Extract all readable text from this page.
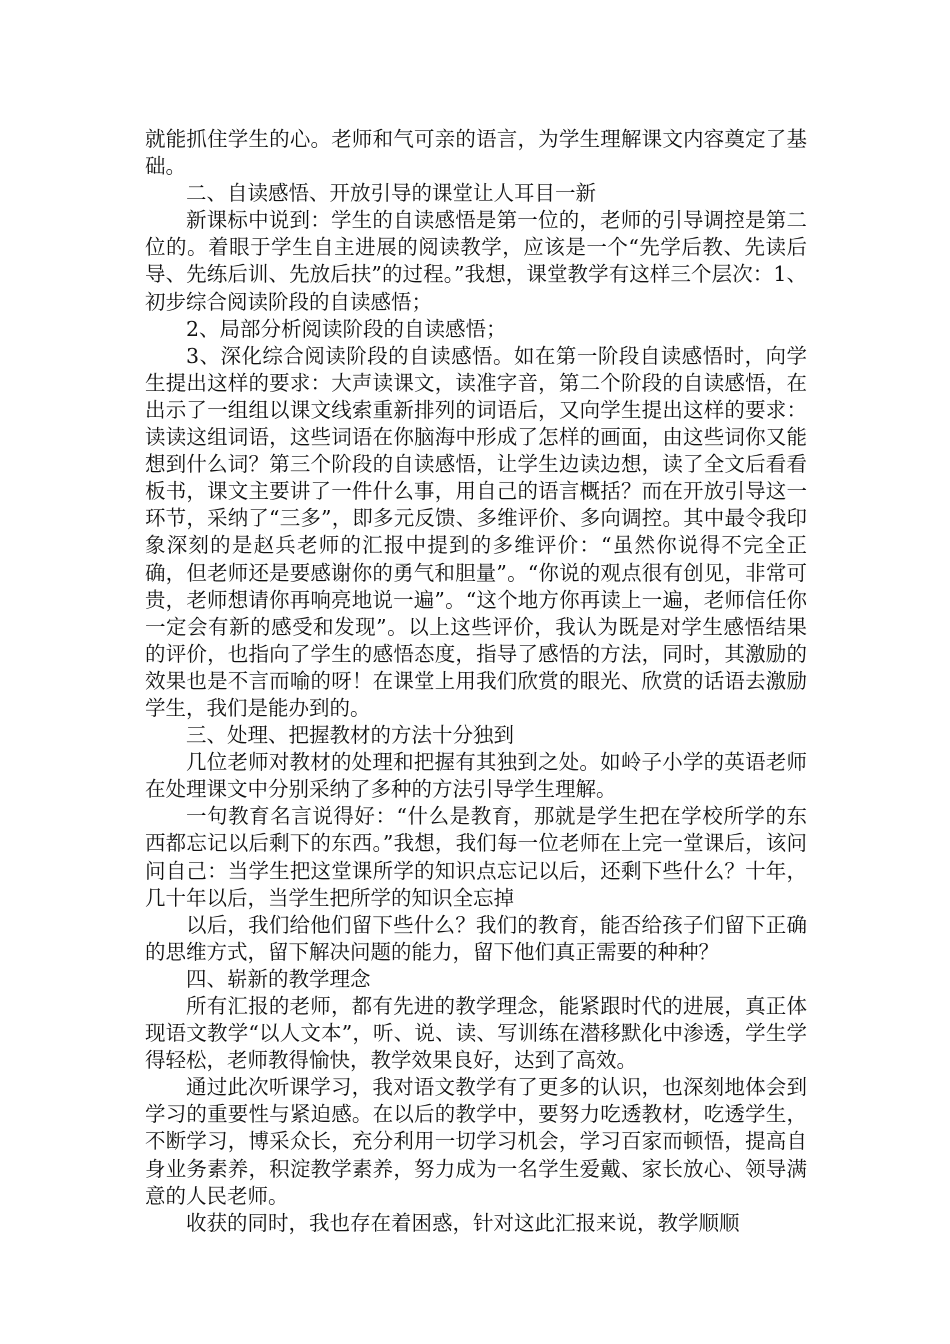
就能抓住学生的心。老师和气可亲的语言，为学生理解课文内容奠定了基础。

二、自读感悟、开放引导的课堂让人耳目一新

新课标中说到：学生的自读感悟是第一位的，老师的引导调控是第二位的。着眼于学生自主进展的阅读教学，应该是一个“先学后教、先读后导、先练后训、先放后扶”的过程。”我想，课堂教学有这样三个层次：1、初步综合阅读阶段的自读感悟；

2、局部分析阅读阶段的自读感悟；

3、深化综合阅读阶段的自读感悟。如在第一阶段自读感悟时，向学生提出这样的要求：大声读课文，读准字音，第二个阶段的自读感悟，在出示了一组组以课文线索重新排列的词语后，又向学生提出这样的要求：读读这组词语，这些词语在你脑海中形成了怎样的画面，由这些词你又能想到什么词？第三个阶段的自读感悟，让学生边读边想，读了全文后看看板书，课文主要讲了一件什么事，用自己的语言概括？而在开放引导这一环节，采纳了“三多”，即多元反馈、多维评价、多向调控。其中最令我印象深刻的是赵兵老师的汇报中提到的多维评价：“虽然你说得不完全正确，但老师还是要感谢你的勇气和胆量”。“你说的观点很有创见，非常可贵，老师想请你再响亮地说一遍”。“这个地方你再读上一遍，老师信任你一定会有新的感受和发现”。以上这些评价，我认为既是对学生感悟结果的评价，也指向了学生的感悟态度，指导了感悟的方法，同时，其激励的效果也是不言而喻的呀！在课堂上用我们欣赏的眼光、欣赏的话语去激励学生，我们是能办到的。

三、处理、把握教材的方法十分独到

几位老师对教材的处理和把握有其独到之处。如岭子小学的英语老师在处理课文中分别采纳了多种的方法引导学生理解。

一句教育名言说得好：“什么是教育，那就是学生把在学校所学的东西都忘记以后剩下的东西。”我想，我们每一位老师在上完一堂课后，该问问自己：当学生把这堂课所学的知识点忘记以后，还剩下些什么？十年，几十年以后，当学生把所学的知识全忘掉

以后，我们给他们留下些什么？我们的教育，能否给孩子们留下正确的思维方式，留下解决问题的能力，留下他们真正需要的种种？

四、崭新的教学理念

所有汇报的老师，都有先进的教学理念，能紧跟时代的进展，真正体现语文教学“以人文本”，听、说、读、写训练在潜移默化中渗透，学生学得轻松，老师教得愉快，教学效果良好，达到了高效。

通过此次听课学习，我对语文教学有了更多的认识，也深刻地体会到学习的重要性与紧迫感。在以后的教学中，要努力吃透教材，吃透学生，不断学习，博采众长，充分利用一切学习机会，学习百家而顿悟，提高自身业务素养，积淀教学素养，努力成为一名学生爱戴、家长放心、领导满意的人民老师。

收获的同时，我也存在着困惑，针对这此汇报来说，教学顺顺
